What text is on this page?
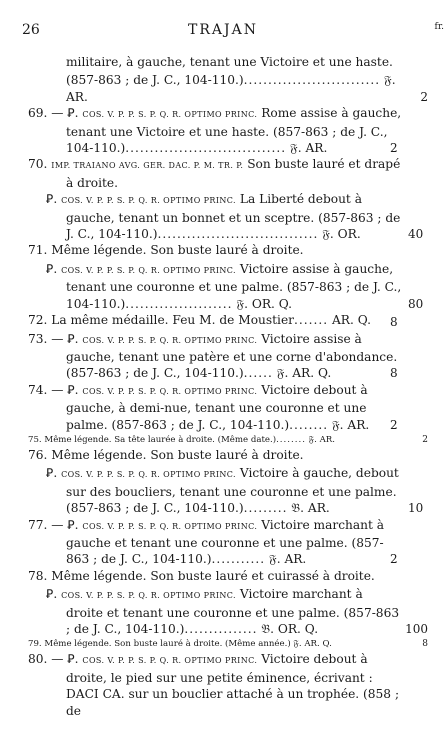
26	TRAJAN	fr.

militaire, à gauche, tenant une Victoire et une haste. (857-863 ; de J. C., 104-110.)............................ 𝔉. AR.	2

69. — Ꝑ. COS. V. P. P. S. P. Q. R. OPTIMO PRINC. Rome assise à gauche, tenant une Victoire et une haste. (857-863 ; de J. C., 104-110.)................................. 𝔉. AR.	2

70. IMP. TRAIANO AVG. GER. DAC. P. M. TR. P. Son buste lauré et drapé à droite.

Ꝑ. COS. V. P. P. S. P. Q. R. OPTIMO PRINC. La Liberté debout à gauche, tenant un bonnet et un sceptre. (857-863 ; de J. C., 104-110.)................................. 𝔉. OR.	40

71. Même légende. Son buste lauré à droite.

Ꝑ. COS. V. P. P. S. P. Q. R. OPTIMO PRINC. Victoire assise à gauche, tenant une couronne et une palme. (857-863 ; de J. C., 104-110.)...................... 𝔉. OR. Q.	80

72. La même médaille. Feu M. de Moustier....... AR. Q.	8

73. — Ꝑ. COS. V. P. P. S. P. Q. R. OPTIMO PRINC. Victoire assise à gauche, tenant une patère et une corne d'abondance. (857-863 ; de J. C., 104-110.)...... 𝔉. AR. Q.	8

74. — Ꝑ. COS. V. P. P. S. P. Q. R. OPTIMO PRINC. Victoire debout à gauche, à demi-nue, tenant une couronne et une palme. (857-863 ; de J. C., 104-110.)........ 𝔉. AR.	2

75. Même légende. Sa tête laurée à droite. (Même date.)........ 𝔉. AR.	2

76. Même légende. Son buste lauré à droite.

Ꝑ. COS. V. P. P. S. P. Q. R. OPTIMO PRINC. Victoire à gauche, debout sur des boucliers, tenant une couronne et une palme. (857-863 ; de J. C., 104-110.)......... 𝔅. AR.	10

77. — Ꝑ. COS. V. P. P. S. P. Q. R. OPTIMO PRINC. Victoire marchant à gauche et tenant une couronne et une palme. (857-863 ; de J. C., 104-110.)........... 𝔉. AR.	2

78. Même légende. Son buste lauré et cuirassé à droite.

Ꝑ. COS. V. P. P. S. P. Q. R. OPTIMO PRINC. Victoire marchant à droite et tenant une couronne et une palme. (857-863 ; de J. C., 104-110.)............... 𝔅. OR. Q.	100

79. Même légende. Son buste lauré à droite. (Même année.) 𝔉. AR. Q.	8

80. — Ꝑ. COS. V. P. P. S. P. Q. R. OPTIMO PRINC. Victoire debout à droite, le pied sur une petite éminence, écrivant : DACI CA. sur un bouclier attaché à un trophée. (858 ; de
